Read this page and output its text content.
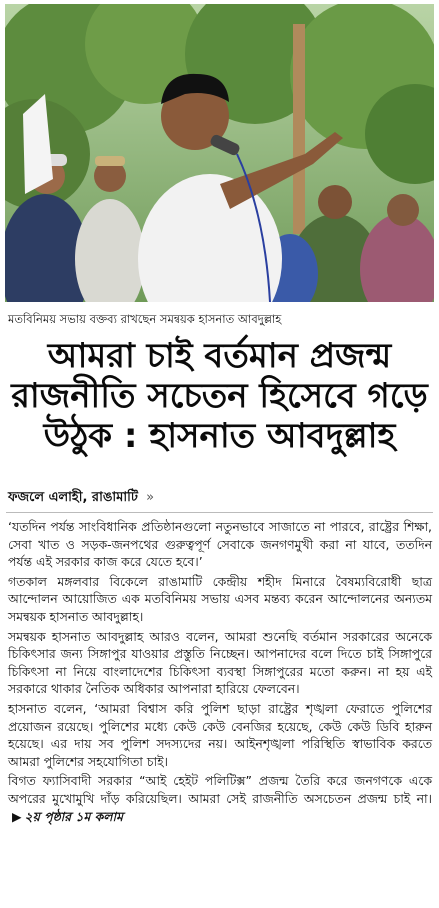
মতবিনিময় সভায় বক্তব্য রাখছেন সমন্বয়ক হাসনাত আবদুল্লাহ
আমরা চাই বর্তমান প্রজন্ম
রাজনীতি সচেতন হিসেবে গড়ে
উঠুক : হাসনাত আবদুল্লাহ
ফজলে এলাহী, রাঙামাটি »

‘যতদিন পর্যন্ত সাংবিধানিক প্রতিষ্ঠানগুলো নতুনভাবে সাজাতে না পারবে, রাষ্ট্রের শিক্ষা, সেবা খাত ও সড়ক-জনপথের গুরুত্বপূর্ণ সেবাকে জনগণমুখী করা না যাবে, ততদিন পর্যন্ত এই সরকার কাজ করে যেতে হবে।’

গতকাল মঙ্গলবার বিকেলে রাঙামাটি কেন্দ্রীয় শহীদ মিনারে বৈষম্যবিরোধী ছাত্র আন্দোলন আয়োজিত এক মতবিনিময় সভায় এসব মন্তব্য করেন আন্দোলনের অন্যতম সমন্বয়ক হাসনাত আবদুল্লাহ।

সমন্বয়ক হাসনাত আবদুল্লাহ আরও বলেন, আমরা শুনেছি বর্তমান সরকারের অনেকে চিকিৎসার জন্য সিঙ্গাপুর যাওয়ার প্রস্তুতি নিচ্ছেন। আপনাদের বলে দিতে চাই সিঙ্গাপুরে চিকিৎসা না নিয়ে বাংলাদেশের চিকিৎসা ব্যবস্থা সিঙ্গাপুরের মতো করুন। না হয় এই সরকারে থাকার নৈতিক অধিকার আপনারা হারিয়ে ফেলবেন।

হাসনাত বলেন, ‘আমরা বিশ্বাস করি পুলিশ ছাড়া রাষ্ট্রের শৃঙ্খলা ফেরাতে পুলিশের প্রয়োজন রয়েছে। পুলিশের মধ্যে কেউ কেউ বেনজির হয়েছে, কেউ কেউ ডিবি হারুন হয়েছে। এর দায় সব পুলিশ সদস্যদের নয়। আইনশৃঙ্খলা পরিস্থিতি স্বাভাবিক করতে আমরা পুলিশের সহযোগিতা চাই।

বিগত ফ্যাসিবাদী সরকার “আই হেইট পলিটিক্স” প্রজন্ম তৈরি করে জনগণকে একে অপরের মুখোমুখি দাঁড় করিয়েছিল। আমরা সেই রাজনীতি অসচেতন প্রজন্ম চাই না।▶ ২য় পৃষ্ঠার ১ম কলাম
